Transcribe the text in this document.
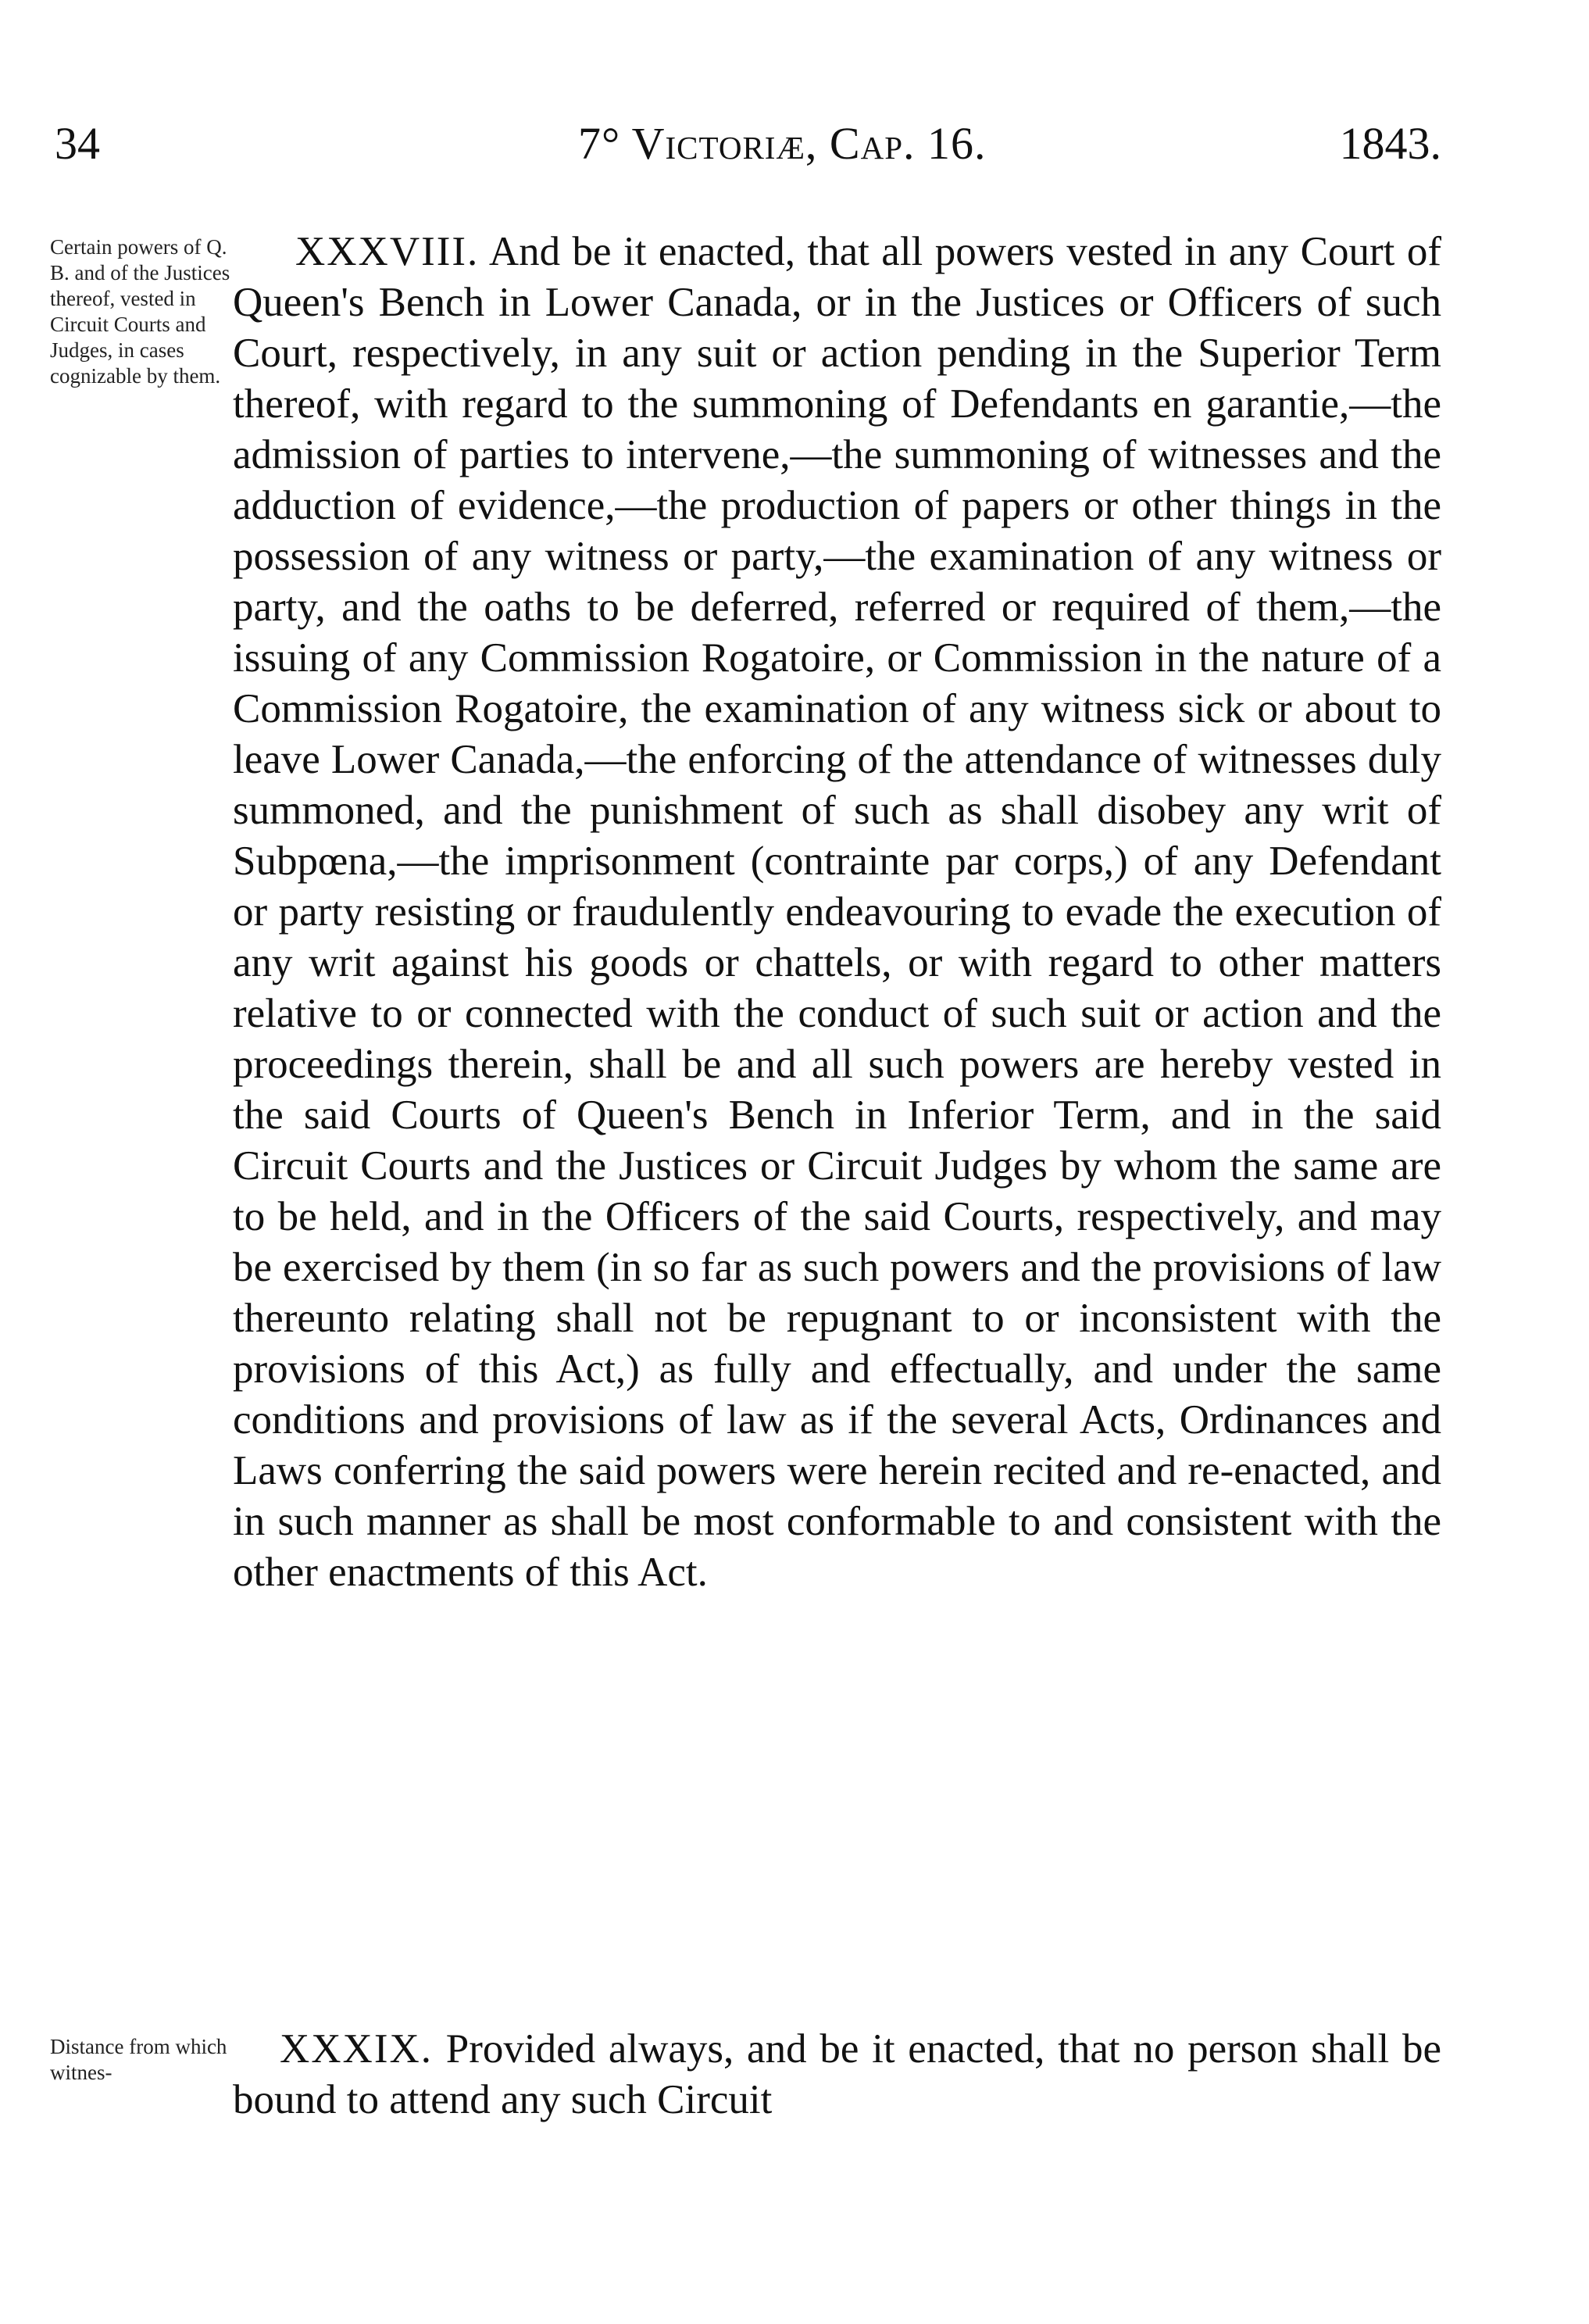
34	7° Victoriæ, Cap. 16.	1843.
Certain powers of Q. B. and of the Justices thereof, vested in Circuit Courts and Judges, in cases cognizable by them.

XXXVIII. And be it enacted, that all powers vested in any Court of Queen's Bench in Lower Canada, or in the Justices or Officers of such Court, respectively, in any suit or action pending in the Superior Term thereof, with regard to the summoning of Defendants en garantie,—the admission of parties to intervene,—the summoning of witnesses and the adduction of evidence,—the production of papers or other things in the possession of any witness or party,—the examination of any witness or party, and the oaths to be deferred, referred or required of them,—the issuing of any Commission Rogatoire, or Commission in the nature of a Commission Rogatoire, the examination of any witness sick or about to leave Lower Canada,—the enforcing of the attendance of witnesses duly summoned, and the punishment of such as shall disobey any writ of Subpœna,—the imprisonment (contrainte par corps,) of any Defendant or party resisting or fraudulently endeavouring to evade the execution of any writ against his goods or chattels, or with regard to other matters relative to or connected with the conduct of such suit or action and the proceedings therein, shall be and all such powers are hereby vested in the said Courts of Queen's Bench in Inferior Term, and in the said Circuit Courts and the Justices or Circuit Judges by whom the same are to be held, and in the Officers of the said Courts, respectively, and may be exercised by them (in so far as such powers and the provisions of law thereunto relating shall not be repugnant to or inconsistent with the provisions of this Act,) as fully and effectually, and under the same conditions and provisions of law as if the several Acts, Ordinances and Laws conferring the said powers were herein recited and re-enacted, and in such manner as shall be most conformable to and consistent with the other enactments of this Act.

Distance from which witnes-

XXXIX. Provided always, and be it enacted, that no person shall be bound to attend any such Circuit
